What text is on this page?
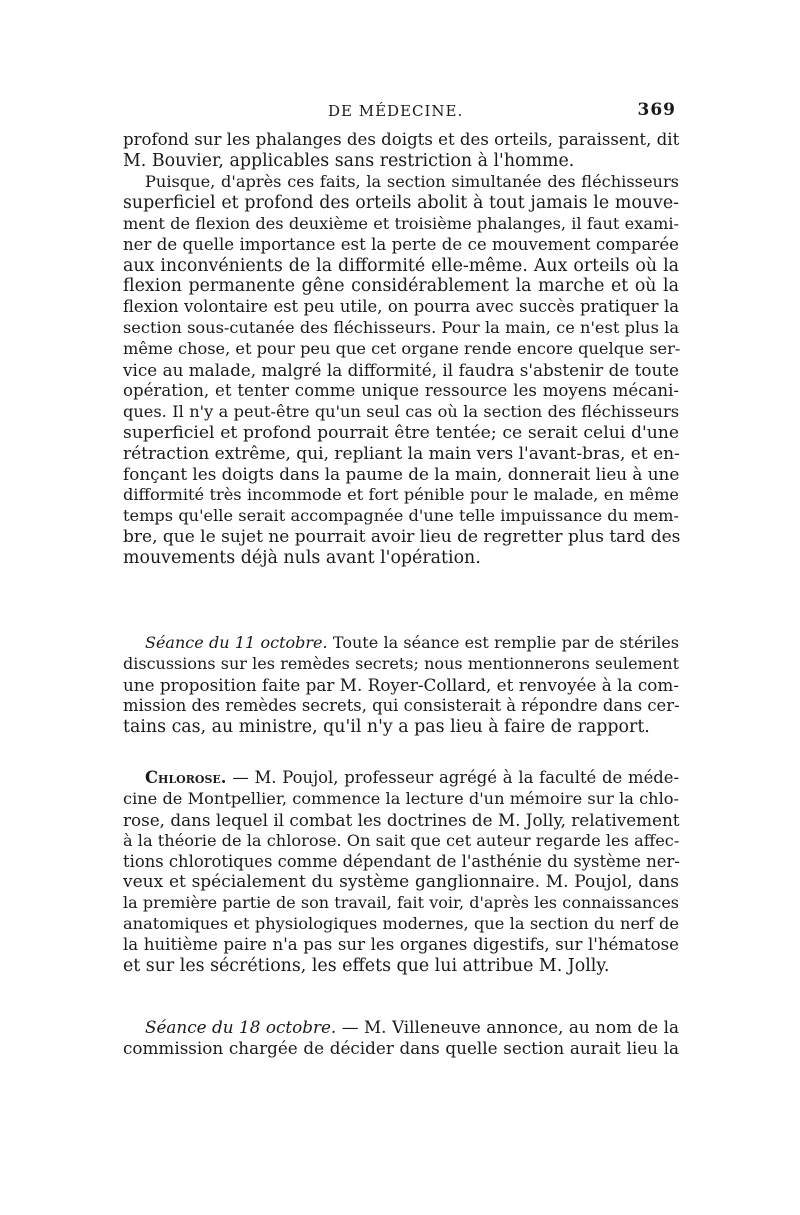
DE MÉDECINE.	369
profond sur les phalanges des doigts et des orteils, paraissent, dit
M. Bouvier, applicables sans restriction à l'homme.
Puisque, d'après ces faits, la section simultanée des fléchisseurs
superficiel et profond des orteils abolit à tout jamais le mouve-
ment de flexion des deuxième et troisième phalanges, il faut exami-
ner de quelle importance est la perte de ce mouvement comparée
aux inconvénients de la difformité elle-même. Aux orteils où la
flexion permanente gêne considérablement la marche et où la
flexion volontaire est peu utile, on pourra avec succès pratiquer la
section sous-cutanée des fléchisseurs. Pour la main, ce n'est plus la
même chose, et pour peu que cet organe rende encore quelque ser-
vice au malade, malgré la difformité, il faudra s'abstenir de toute
opération, et tenter comme unique ressource les moyens mécani-
ques. Il n'y a peut-être qu'un seul cas où la section des fléchisseurs
superficiel et profond pourrait être tentée; ce serait celui d'une
rétraction extrême, qui, repliant la main vers l'avant-bras, et en-
fonçant les doigts dans la paume de la main, donnerait lieu à une
difformité très incommode et fort pénible pour le malade, en même
temps qu'elle serait accompagnée d'une telle impuissance du mem-
bre, que le sujet ne pourrait avoir lieu de regretter plus tard des
mouvements déjà nuls avant l'opération.
Séance du 11 octobre. Toute la séance est remplie par de stériles
discussions sur les remèdes secrets; nous mentionnerons seulement
une proposition faite par M. Royer-Collard, et renvoyée à la com-
mission des remèdes secrets, qui consisterait à répondre dans cer-
tains cas, au ministre, qu'il n'y a pas lieu à faire de rapport.
Chlorose. — M. Poujol, professeur agrégé à la faculté de méde-
cine de Montpellier, commence la lecture d'un mémoire sur la chlo-
rose, dans lequel il combat les doctrines de M. Jolly, relativement
à la théorie de la chlorose. On sait que cet auteur regarde les affec-
tions chlorotiques comme dépendant de l'asthénie du système ner-
veux et spécialement du système ganglionnaire. M. Poujol, dans
la première partie de son travail, fait voir, d'après les connaissances
anatomiques et physiologiques modernes, que la section du nerf de
la huitième paire n'a pas sur les organes digestifs, sur l'hématose
et sur les sécrétions, les effets que lui attribue M. Jolly.
Séance du 18 octobre. — M. Villeneuve annonce, au nom de la
commission chargée de décider dans quelle section aurait lieu la
